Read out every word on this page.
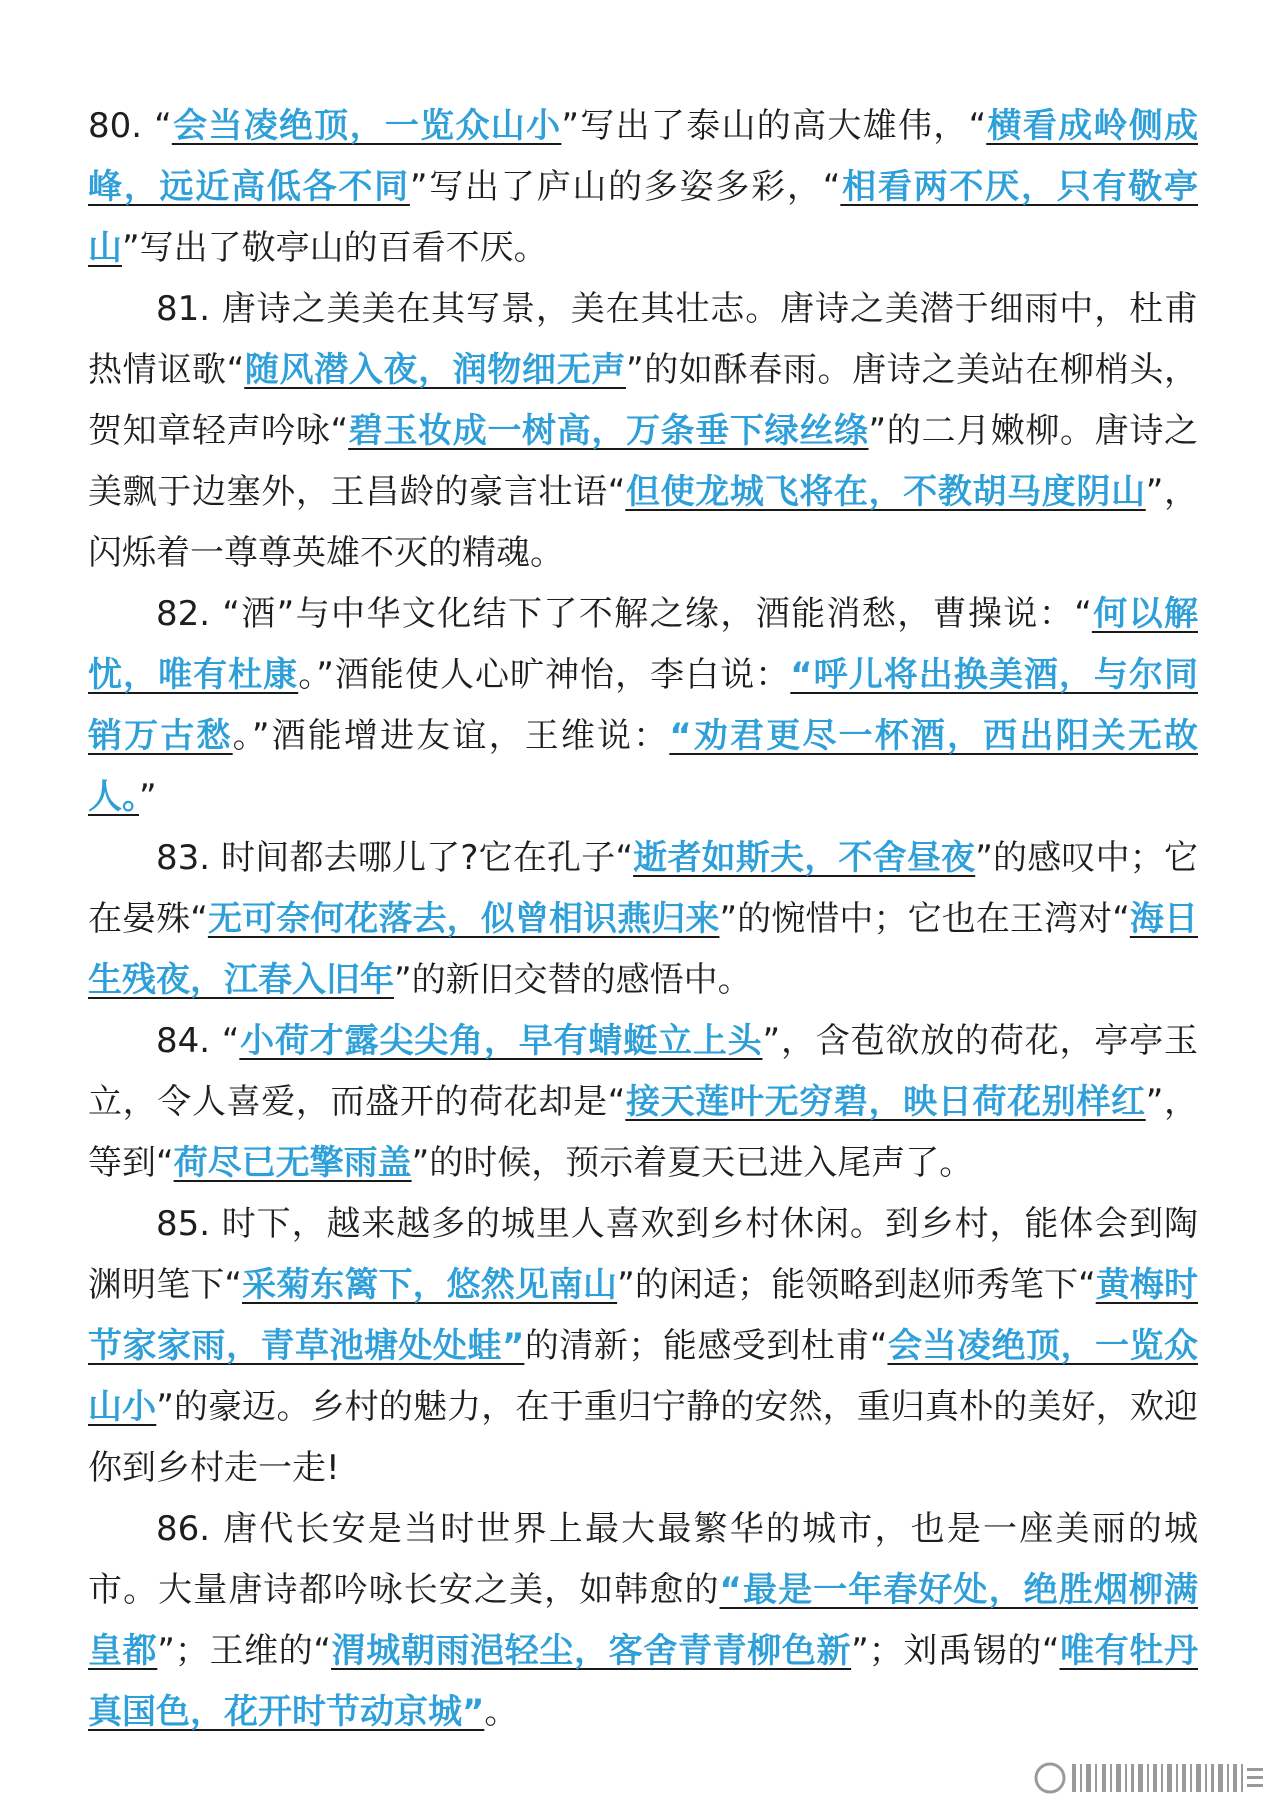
80. “会当凌绝顶，一览众山小”写出了泰山的高大雄伟，“横看成岭侧成峰，远近高低各不同”写出了庐山的多姿多彩，“相看两不厌，只有敬亭山”写出了敬亭山的百看不厌。

81. 唐诗之美美在其写景，美在其壮志。唐诗之美潜于细雨中，杜甫热情讴歌“随风潜入夜，润物细无声”的如酥春雨。唐诗之美站在柳梢头，贺知章轻声吟咏“碧玉妆成一树高，万条垂下绿丝绦”的二月嫩柳。唐诗之美飘于边塞外，王昌龄的豪言壮语“但使龙城飞将在，不教胡马度阴山”，闪烁着一尊尊英雄不灭的精魂。

82. “酒”与中华文化结下了不解之缘，酒能消愁，曹操说：“何以解忧，唯有杜康。”酒能使人心旷神怡，李白说：“呼儿将出换美酒，与尔同销万古愁。”酒能增进友谊，王维说：“劝君更尽一杯酒，西出阳关无故人。”

83. 时间都去哪儿了?它在孔子“逝者如斯夫，不舍昼夜”的感叹中；它在晏殊“无可奈何花落去，似曾相识燕归来”的惋惜中；它也在王湾对“海日生残夜，江春入旧年”的新旧交替的感悟中。

84. “小荷才露尖尖角，早有蜻蜓立上头”，含苞欲放的荷花，亭亭玉立，令人喜爱，而盛开的荷花却是“接天莲叶无穷碧，映日荷花别样红”，等到“荷尽已无擎雨盖”的时候，预示着夏天已进入尾声了。

85. 时下，越来越多的城里人喜欢到乡村休闲。到乡村，能体会到陶渊明笔下“采菊东篱下，悠然见南山”的闲适；能领略到赵师秀笔下“黄梅时节家家雨，青草池塘处处蛙”的清新；能感受到杜甫“会当凌绝顶，一览众山小”的豪迈。乡村的魅力，在于重归宁静的安然，重归真朴的美好，欢迎你到乡村走一走!

86. 唐代长安是当时世界上最大最繁华的城市，也是一座美丽的城市。大量唐诗都吟咏长安之美，如韩愈的“最是一年春好处，绝胜烟柳满皇都”；王维的“渭城朝雨浥轻尘，客舍青青柳色新”；刘禹锡的“唯有牡丹真国色，花开时节动京城”。
